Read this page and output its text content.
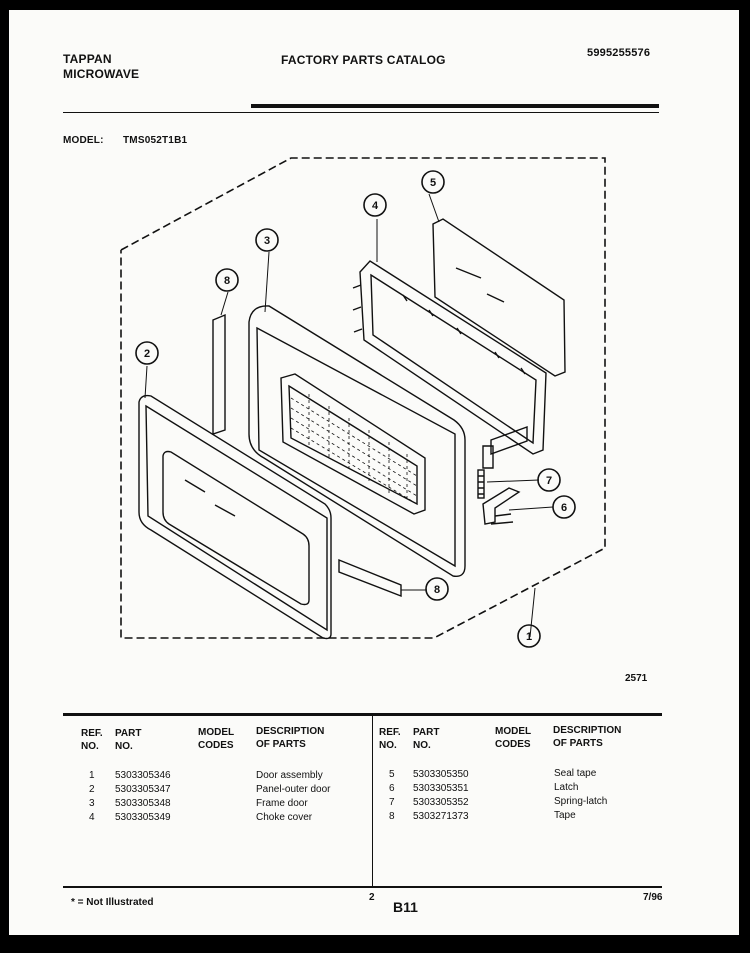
TAPPAN
MICROWAVE
FACTORY PARTS CATALOG	5995255576
MODEL: TMS052T1B1
1
2
3
4
5
6
7
8
8
2571
REF.
NO.
PART
NO.
MODEL
CODES
DESCRIPTION
OF PARTS
REF.
NO.
PART
NO.
MODEL
CODES
DESCRIPTION
OF PARTS
1
2
3
4
5303305346
5303305347
5303305348
5303305349
Door assembly
Panel-outer door
Frame door
Choke cover
5
6
7
8
5303305350
5303305351
5303305352
5303271373
Seal tape
Latch
Spring-latch
Tape
* = Not Illustrated	2
B11
7/96
